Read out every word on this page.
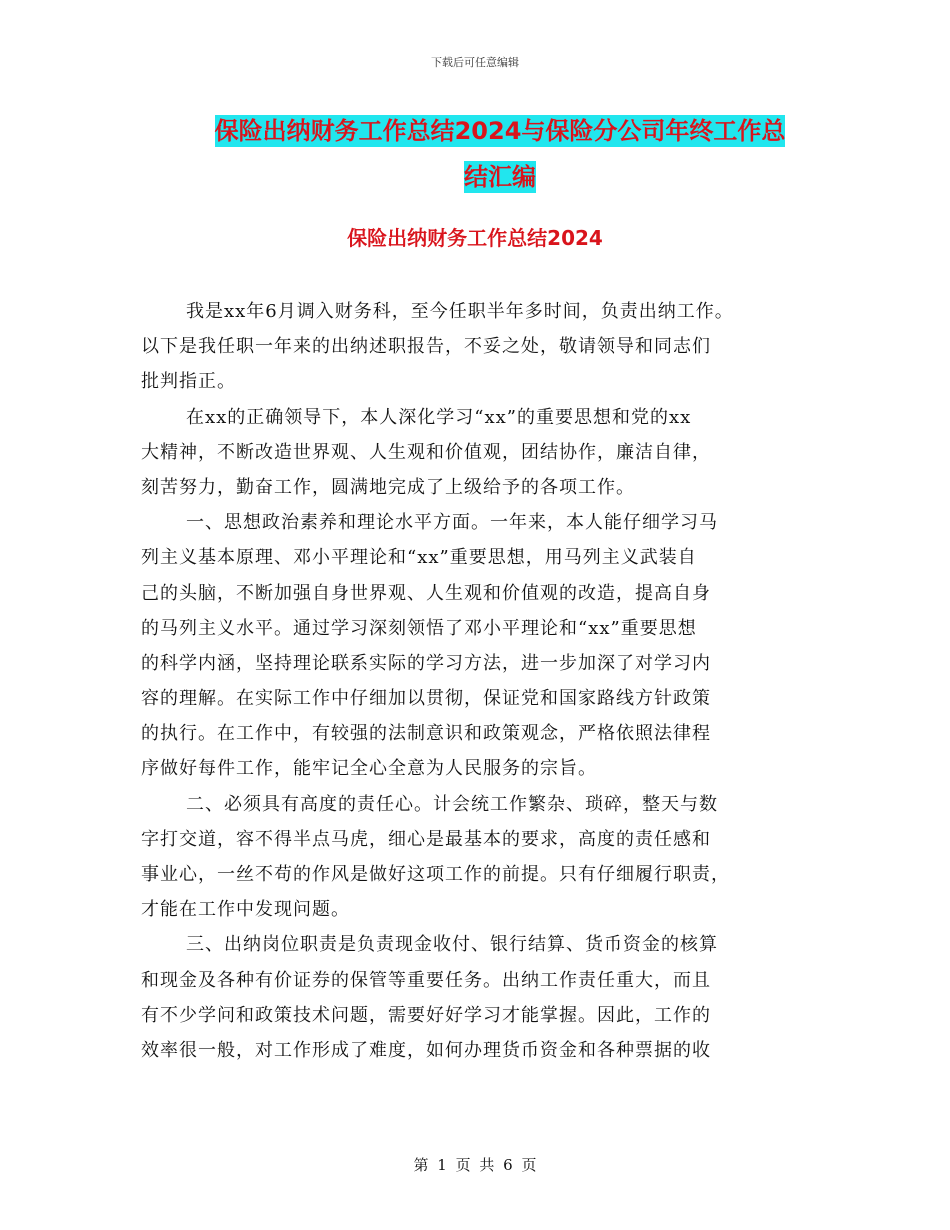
下载后可任意编辑
保险出纳财务工作总结2024与保险分公司年终工作总
结汇编
保险出纳财务工作总结2024
我是xx年6月调入财务科，至今任职半年多时间，负责出纳工作。
以下是我任职一年来的出纳述职报告，不妥之处，敬请领导和同志们
批判指正。
在xx的正确领导下，本人深化学习“xx”的重要思想和党的xx
大精神，不断改造世界观、人生观和价值观，团结协作，廉洁自律，
刻苦努力，勤奋工作，圆满地完成了上级给予的各项工作。
一、思想政治素养和理论水平方面。一年来，本人能仔细学习马
列主义基本原理、邓小平理论和“xx”重要思想，用马列主义武装自
己的头脑，不断加强自身世界观、人生观和价值观的改造，提高自身
的马列主义水平。通过学习深刻领悟了邓小平理论和“xx”重要思想
的科学内涵，坚持理论联系实际的学习方法，进一步加深了对学习内
容的理解。在实际工作中仔细加以贯彻，保证党和国家路线方针政策
的执行。在工作中，有较强的法制意识和政策观念，严格依照法律程
序做好每件工作，能牢记全心全意为人民服务的宗旨。
二、必须具有高度的责任心。计会统工作繁杂、琐碎，整天与数
字打交道，容不得半点马虎，细心是最基本的要求，高度的责任感和
事业心，一丝不苟的作风是做好这项工作的前提。只有仔细履行职责，
才能在工作中发现问题。
三、出纳岗位职责是负责现金收付、银行结算、货币资金的核算
和现金及各种有价证券的保管等重要任务。出纳工作责任重大，而且
有不少学问和政策技术问题，需要好好学习才能掌握。因此，工作的
效率很一般，对工作形成了难度，如何办理货币资金和各种票据的收
第 1 页 共 6 页
